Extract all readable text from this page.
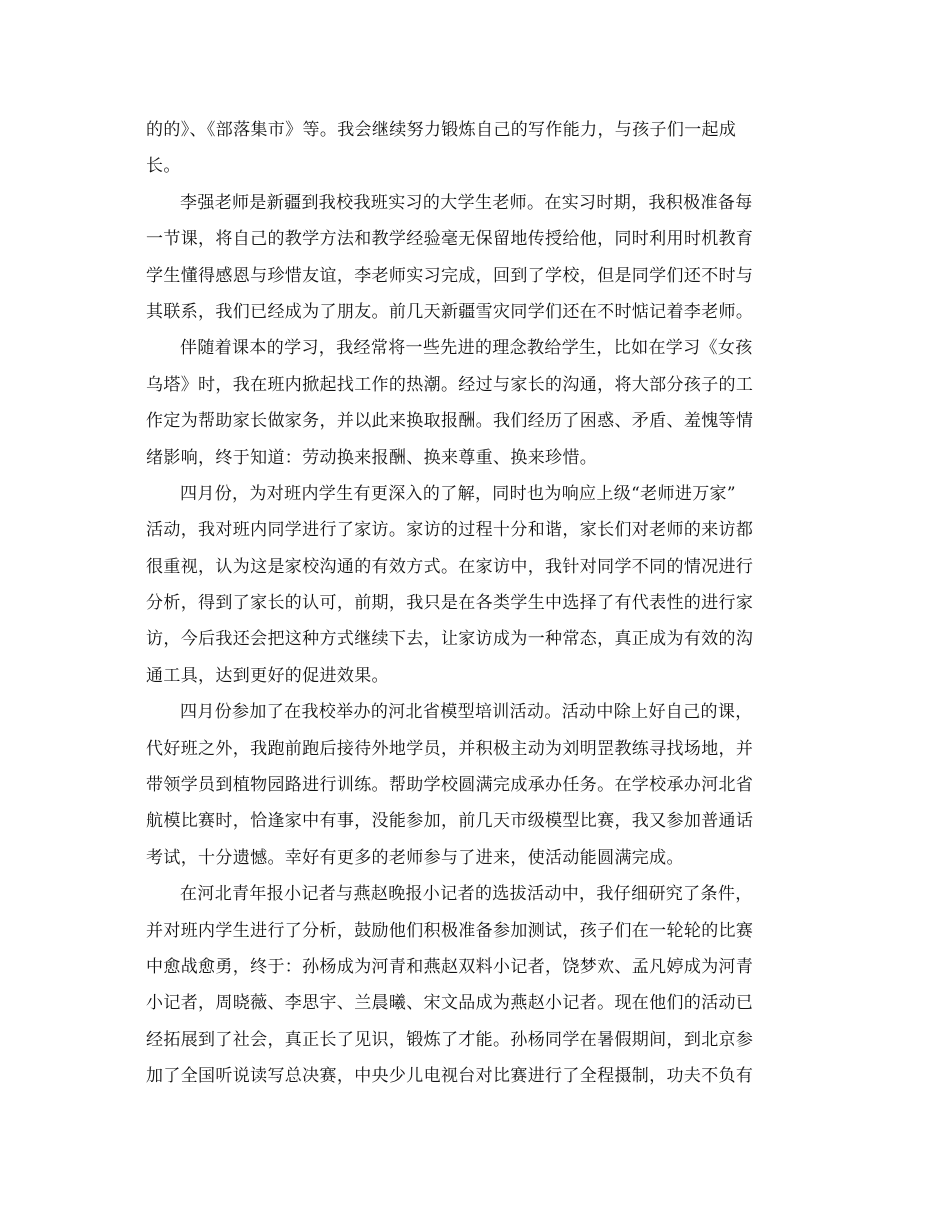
的的》、《部落集市》等。我会继续努力锻炼自己的写作能力，与孩子们一起成
长。
李强老师是新疆到我校我班实习的大学生老师。在实习时期，我积极准备每
一节课，将自己的教学方法和教学经验毫无保留地传授给他，同时利用时机教育
学生懂得感恩与珍惜友谊，李老师实习完成，回到了学校，但是同学们还不时与
其联系，我们已经成为了朋友。前几天新疆雪灾同学们还在不时惦记着李老师。
伴随着课本的学习，我经常将一些先进的理念教给学生，比如在学习《女孩
乌塔》时，我在班内掀起找工作的热潮。经过与家长的沟通，将大部分孩子的工
作定为帮助家长做家务，并以此来换取报酬。我们经历了困惑、矛盾、羞愧等情
绪影响，终于知道：劳动换来报酬、换来尊重、换来珍惜。
四月份，为对班内学生有更深入的了解，同时也为响应上级“老师进万家”
活动，我对班内同学进行了家访。家访的过程十分和谐，家长们对老师的来访都
很重视，认为这是家校沟通的有效方式。在家访中，我针对同学不同的情况进行
分析，得到了家长的认可，前期，我只是在各类学生中选择了有代表性的进行家
访，今后我还会把这种方式继续下去，让家访成为一种常态，真正成为有效的沟
通工具，达到更好的促进效果。
四月份参加了在我校举办的河北省模型培训活动。活动中除上好自己的课，
代好班之外，我跑前跑后接待外地学员，并积极主动为刘明罡教练寻找场地，并
带领学员到植物园路进行训练。帮助学校圆满完成承办任务。在学校承办河北省
航模比赛时，恰逢家中有事，没能参加，前几天市级模型比赛，我又参加普通话
考试，十分遗憾。幸好有更多的老师参与了进来，使活动能圆满完成。
在河北青年报小记者与燕赵晚报小记者的选拔活动中，我仔细研究了条件，
并对班内学生进行了分析，鼓励他们积极准备参加测试，孩子们在一轮轮的比赛
中愈战愈勇，终于：孙杨成为河青和燕赵双料小记者，饶梦欢、孟凡婷成为河青
小记者，周晓薇、李思宇、兰晨曦、宋文品成为燕赵小记者。现在他们的活动已
经拓展到了社会，真正长了见识，锻炼了才能。孙杨同学在暑假期间，到北京参
加了全国听说读写总决赛，中央少儿电视台对比赛进行了全程摄制，功夫不负有
